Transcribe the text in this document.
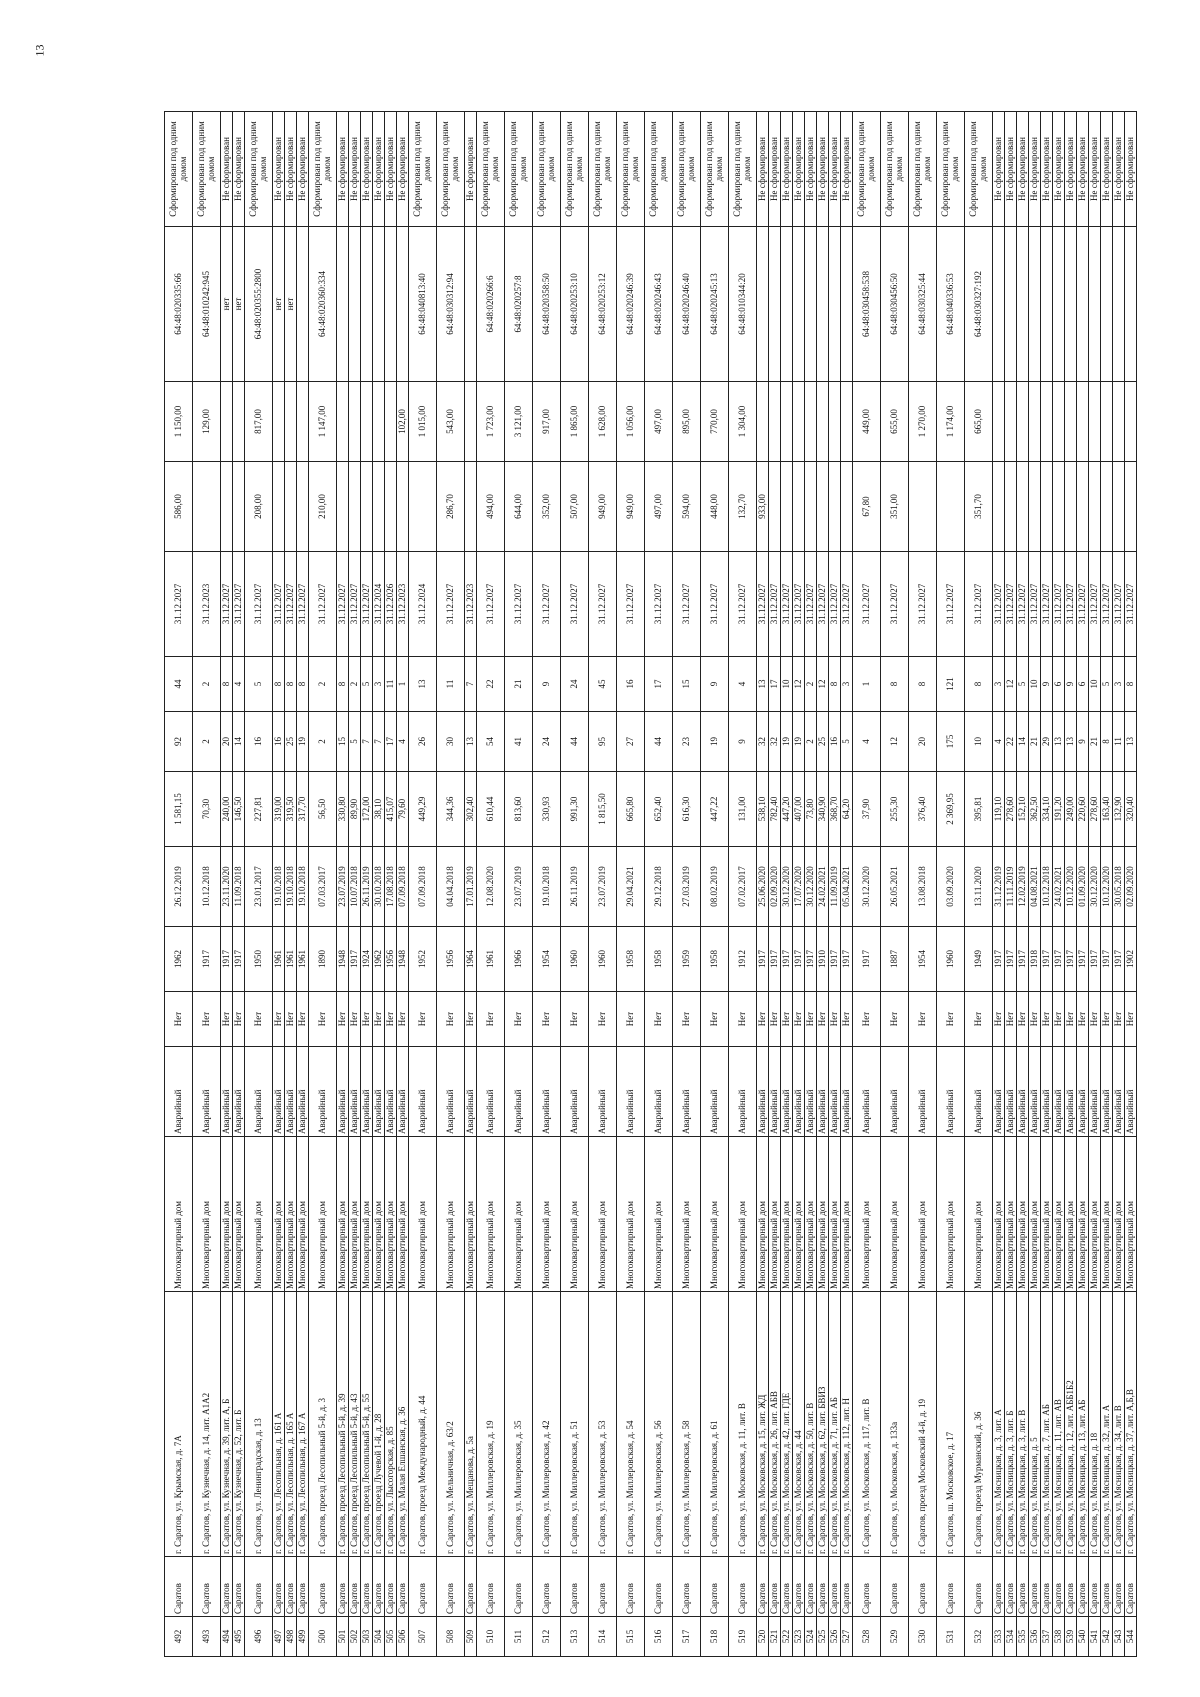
13
492	Саратов	г. Саратов, ул. Крымская, д. 7А	Многоквартирный дом	Аварийный	Нет	1962	26.12.2019	1 581,15	92	44	31.12.2027	586,00	1 150,00	64:48:020335:66	Сформирован под одним домом
493	Саратов	г. Саратов, ул. Кузнечная, д. 14, лит. А1А2	Многоквартирный дом	Аварийный	Нет	1917	10.12.2018	70,30	2	2	31.12.2023		129,00	64:48:010242:945	Сформирован под одним домом
494	Саратов	г. Саратов, ул. Кузнечная, д. 39, лит. А, Б	Многоквартирный дом	Аварийный	Нет	1917	23.11.2020	240,00	20	8	31.12.2027			нет	Не сформирован
495	Саратов	г. Саратов, ул. Кузнечная, д. 52, лит. Б	Многоквартирный дом	Аварийный	Нет	1917	11.09.2018	146,50	14	4	31.12.2027			нет	Не сформирован
496	Саратов	г. Саратов, ул. Ленинградская, д. 13	Многоквартирный дом	Аварийный	Нет	1950	23.01.2017	227,81	16	5	31.12.2027	208,00	817,00	64:48:020355:2800	Сформирован под одним домом
497	Саратов	г. Саратов, ул. Лесопильная, д. 161 А	Многоквартирный дом	Аварийный	Нет	1961	19.10.2018	319,00	16	8	31.12.2027			нет	Не сформирован
498	Саратов	г. Саратов, ул. Лесопильная, д. 165 А	Многоквартирный дом	Аварийный	Нет	1961	19.10.2018	319,50	25	8	31.12.2027			нет	Не сформирован
499	Саратов	г. Саратов, ул. Лесопильная, д. 167 А	Многоквартирный дом	Аварийный	Нет	1961	19.10.2018	317,70	19	8	31.12.2027				Не сформирован
500	Саратов	г. Саратов, проезд Лесопильный 5-й, д. 3	Многоквартирный дом	Аварийный	Нет	1890	07.03.2017	56,50	2	2	31.12.2027	210,00	1 147,00	64:48:020360:334	Сформирован под одним домом
501	Саратов	г. Саратов, проезд Лесопильный 5-й, д. 39	Многоквартирный дом	Аварийный	Нет	1948	23.07.2019	330,80	15	8	31.12.2027				Не сформирован
502	Саратов	г. Саратов, проезд Лесопильный 5-й, д. 43	Многоквартирный дом	Аварийный	Нет	1917	10.07.2018	89,90	5	2	31.12.2027				Не сформирован
503	Саратов	г. Саратов, проезд Лесопильный 5-й, д. 55	Многоквартирный дом	Аварийный	Нет	1924	26.11.2019	172,00	7	5	31.12.2027				Не сформирован
504	Саратов	г. Саратов, проезд Лучевой 1-й, д. 28	Многоквартирный дом	Аварийный	Нет	1962	30.10.2018	38,10	7	3	31.12.2024				Не сформирован
505	Саратов	г. Саратов, ул. Лысогорская, д. 85	Многоквартирный дом	Аварийный	Нет	1956	17.08.2018	415,07	17	11	31.12.2026				Не сформирован
506	Саратов	г. Саратов, ул. Малая Елшанская, д. 36	Многоквартирный дом	Аварийный	Нет	1948	07.09.2018	79,60	4	1	31.12.2023		102,00		Не сформирован
507	Саратов	г. Саратов, проезд Международный, д. 44	Многоквартирный дом	Аварийный	Нет	1952	07.09.2018	449,29	26	13	31.12.2024		1 015,00	64:48:040813:40	Сформирован под одним домом
508	Саратов	г. Саратов, ул. Мельничная, д. 63/2	Многоквартирный дом	Аварийный	Нет	1956	04.04.2018	344,36	30	11	31.12.2027	286,70	543,00	64:48:030312:94	Сформирован под одним домом
509	Саратов	г. Саратов, ул. Мещанова, д. 5а	Многоквартирный дом	Аварийный	Нет	1964	17.01.2019	302,40	13	7	31.12.2023				Не сформирован
510	Саратов	г. Саратов, ул. Миллеровская, д. 19	Многоквартирный дом	Аварийный	Нет	1961	12.08.2020	610,44	54	22	31.12.2027	494,00	1 723,00	64:48:020266:6	Сформирован под одним домом
511	Саратов	г. Саратов, ул. Миллеровская, д. 35	Многоквартирный дом	Аварийный	Нет	1966	23.07.2019	813,60	41	21	31.12.2027	644,00	3 121,00	64:48:020257:8	Сформирован под одним домом
512	Саратов	г. Саратов, ул. Миллеровская, д. 42	Многоквартирный дом	Аварийный	Нет	1954	19.10.2018	330,93	24	9	31.12.2027	352,00	917,00	64:48:020358:50	Сформирован под одним домом
513	Саратов	г. Саратов, ул. Миллеровская, д. 51	Многоквартирный дом	Аварийный	Нет	1960	26.11.2019	991,30	44	24	31.12.2027	507,00	1 865,00	64:48:020253:10	Сформирован под одним домом
514	Саратов	г. Саратов, ул. Миллеровская, д. 53	Многоквартирный дом	Аварийный	Нет	1960	23.07.2019	1 815,50	95	45	31.12.2027	949,00	1 628,00	64:48:020253:12	Сформирован под одним домом
515	Саратов	г. Саратов, ул. Миллеровская, д. 54	Многоквартирный дом	Аварийный	Нет	1958	29.04.2021	665,80	27	16	31.12.2027	949,00	1 056,00	64:48:020246:39	Сформирован под одним домом
516	Саратов	г. Саратов, ул. Миллеровская, д. 56	Многоквартирный дом	Аварийный	Нет	1958	29.12.2018	652,40	44	17	31.12.2027	497,00	497,00	64:48:020246:43	Сформирован под одним домом
517	Саратов	г. Саратов, ул. Миллеровская, д. 58	Многоквартирный дом	Аварийный	Нет	1959	27.03.2019	616,30	23	15	31.12.2027	594,00	895,00	64:48:020246:40	Сформирован под одним домом
518	Саратов	г. Саратов, ул. Миллеровская, д. 61	Многоквартирный дом	Аварийный	Нет	1958	08.02.2019	447,22	19	9	31.12.2027	448,00	770,00	64:48:020245:13	Сформирован под одним домом
519	Саратов	г. Саратов, ул. Московская, д. 11, лит. В	Многоквартирный дом	Аварийный	Нет	1912	07.02.2017	131,00	9	4	31.12.2027	132,70	1 304,00	64:48:010344:20	Сформирован под одним домом
520	Саратов	г. Саратов, ул. Московская, д. 15, лит. ЖД	Многоквартирный дом	Аварийный	Нет	1917	25.06.2020	538,10	32	13	31.12.2027	933,00			Не сформирован
521	Саратов	г. Саратов, ул. Московская, д. 26, лит. АБВ	Многоквартирный дом	Аварийный	Нет	1917	02.09.2020	782,40	32	17	31.12.2027				Не сформирован
522	Саратов	г. Саратов, ул. Московская, д. 42, лит. ГДЕ	Многоквартирный дом	Аварийный	Нет	1917	30.12.2020	447,20	19	10	31.12.2027				Не сформирован
523	Саратов	г. Саратов, ул. Московская, д. 44	Многоквартирный дом	Аварийный	Нет	1917	17.07.2020	407,00	19	12	31.12.2027				Не сформирован
524	Саратов	г. Саратов, ул. Московская, д. 50, лит. В	Многоквартирный дом	Аварийный	Нет	1917	30.12.2020	73,80	2	2	31.12.2027				Не сформирован
525	Саратов	г. Саратов, ул. Московская, д. 62, лит. БВИЗ	Многоквартирный дом	Аварийный	Нет	1910	24.02.2021	340,90	25	12	31.12.2027				Не сформирован
526	Саратов	г. Саратов, ул. Московская, д. 71, лит. АБ	Многоквартирный дом	Аварийный	Нет	1917	11.09.2019	368,70	16	8	31.12.2027				Не сформирован
527	Саратов	г. Саратов, ул. Московская, д. 112, лит. Н	Многоквартирный дом	Аварийный	Нет	1917	05.04.2021	64,20	5	3	31.12.2027				Не сформирован
528	Саратов	г. Саратов, ул. Московская, д. 117, лит. В	Многоквартирный дом	Аварийный	Нет	1917	30.12.2020	37,90	4	1	31.12.2027	67,80	449,00	64:48:030458:538	Сформирован под одним домом
529	Саратов	г. Саратов, ул. Московская, д. 133а	Многоквартирный дом	Аварийный	Нет	1887	26.05.2021	255,30	12	8	31.12.2027	351,00	655,00	64:48:030456:50	Сформирован под одним домом
530	Саратов	г. Саратов, проезд Московский 4-й, д. 19	Многоквартирный дом	Аварийный	Нет	1954	13.08.2018	376,40	20	8	31.12.2027		1 270,00	64:48:030325:44	Сформирован под одним домом
531	Саратов	г. Саратов, ш. Московское, д. 17	Многоквартирный дом	Аварийный	Нет	1960	03.09.2020	2 369,95	175	121	31.12.2027		1 174,00	64:48:040336:53	Сформирован под одним домом
532	Саратов	г. Саратов, проезд Мурманский, д. 36	Многоквартирный дом	Аварийный	Нет	1949	13.11.2020	395,81	10	8	31.12.2027	351,70	665,00	64:48:030327:192	Сформирован под одним домом
533	Саратов	г. Саратов, ул. Мясницкая, д. 3, лит. А	Многоквартирный дом	Аварийный	Нет	1917	31.12.2019	119,10	4	3	31.12.2027				Не сформирован
534	Саратов	г. Саратов, ул. Мясницкая, д. 3, лит. Б	Многоквартирный дом	Аварийный	Нет	1917	11.11.2019	278,60	22	12	31.12.2027				Не сформирован
535	Саратов	г. Саратов, ул. Мясницкая, д. 3, лит. В	Многоквартирный дом	Аварийный	Нет	1917	12.02.2019	152,10	14	5	31.12.2027				Не сформирован
536	Саратов	г. Саратов, ул. Мясницкая, д. 5	Многоквартирный дом	Аварийный	Нет	1918	04.08.2021	362,50	21	10	31.12.2027				Не сформирован
537	Саратов	г. Саратов, ул. Мясницкая, д. 7, лит. АБ	Многоквартирный дом	Аварийный	Нет	1917	10.12.2018	334,10	29	9	31.12.2027				Не сформирован
538	Саратов	г. Саратов, ул. Мясницкая, д. 11, лит. АВ	Многоквартирный дом	Аварийный	Нет	1917	24.02.2021	191,20	13	6	31.12.2027				Не сформирован
539	Саратов	г. Саратов, ул. Мясницкая, д. 12, лит. АББ1Б2	Многоквартирный дом	Аварийный	Нет	1917	10.12.2020	249,00	13	9	31.12.2027				Не сформирован
540	Саратов	г. Саратов, ул. Мясницкая, д. 13, лит. АБ	Многоквартирный дом	Аварийный	Нет	1917	01.09.2020	220,60	9	6	31.12.2027				Не сформирован
541	Саратов	г. Саратов, ул. Мясницкая, д. 18	Многоквартирный дом	Аварийный	Нет	1917	30.12.2020	278,60	21	10	31.12.2027				Не сформирован
542	Саратов	г. Саратов, ул. Мясницкая, д. 32, лит. А	Многоквартирный дом	Аварийный	Нет	1917	10.12.2020	163,40	8	5	31.12.2027				Не сформирован
543	Саратов	г. Саратов, ул. Мясницкая, д. 34, лит. В	Многоквартирный дом	Аварийный	Нет	1917	30.05.2018	132,90	11	3	31.12.2027				Не сформирован
544	Саратов	г. Саратов, ул. Мясницкая, д. 37, лит. А,Б,В	Многоквартирный дом	Аварийный	Нет	1902	02.09.2020	320,40	13	8	31.12.2027				Не сформирован
